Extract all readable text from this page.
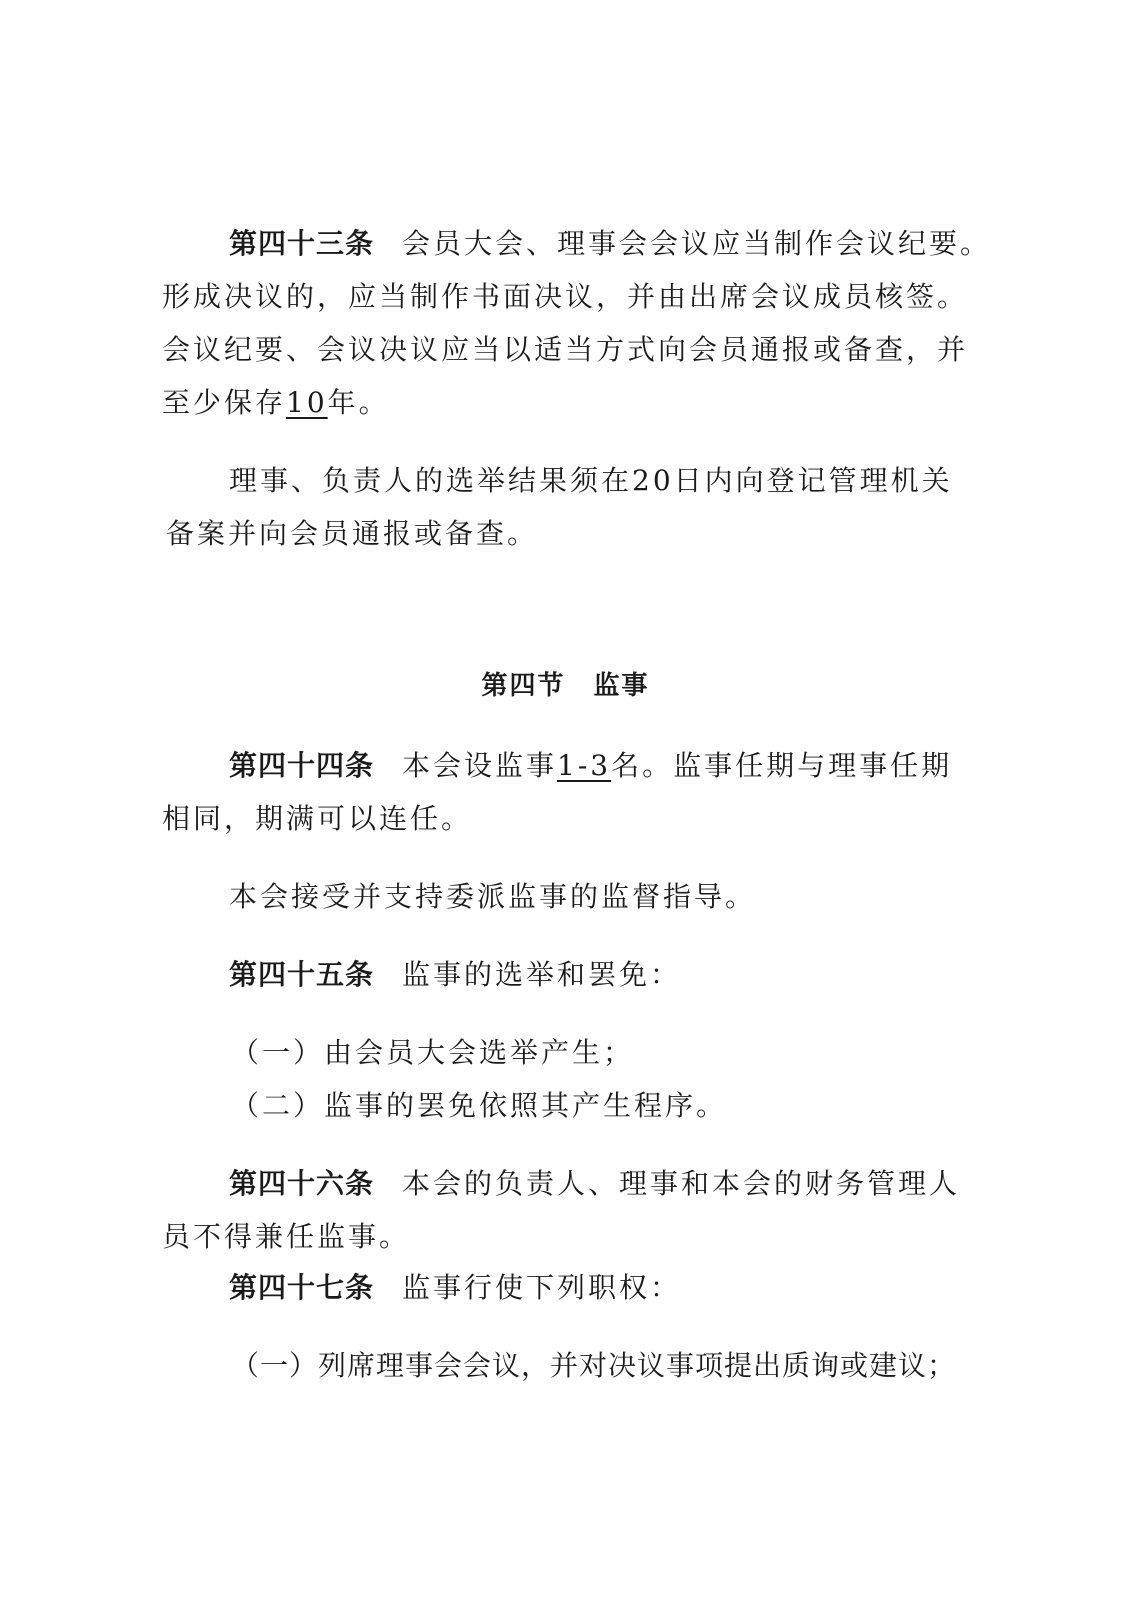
第四十三条 会员大会、理事会会议应当制作会议纪要。

形成决议的，应当制作书面决议，并由出席会议成员核签。

会议纪要、会议决议应当以适当方式向会员通报或备查，并

至少保存10年。

理事、负责人的选举结果须在20日内向登记管理机关

备案并向会员通报或备查。

第四节　监事

第四十四条 本会设监事1-3名。监事任期与理事任期

相同，期满可以连任。

本会接受并支持委派监事的监督指导。

第四十五条 监事的选举和罢免：

（一）由会员大会选举产生；

（二）监事的罢免依照其产生程序。

第四十六条 本会的负责人、理事和本会的财务管理人

员不得兼任监事。

第四十七条 监事行使下列职权：

（一）列席理事会会议，并对决议事项提出质询或建议；
